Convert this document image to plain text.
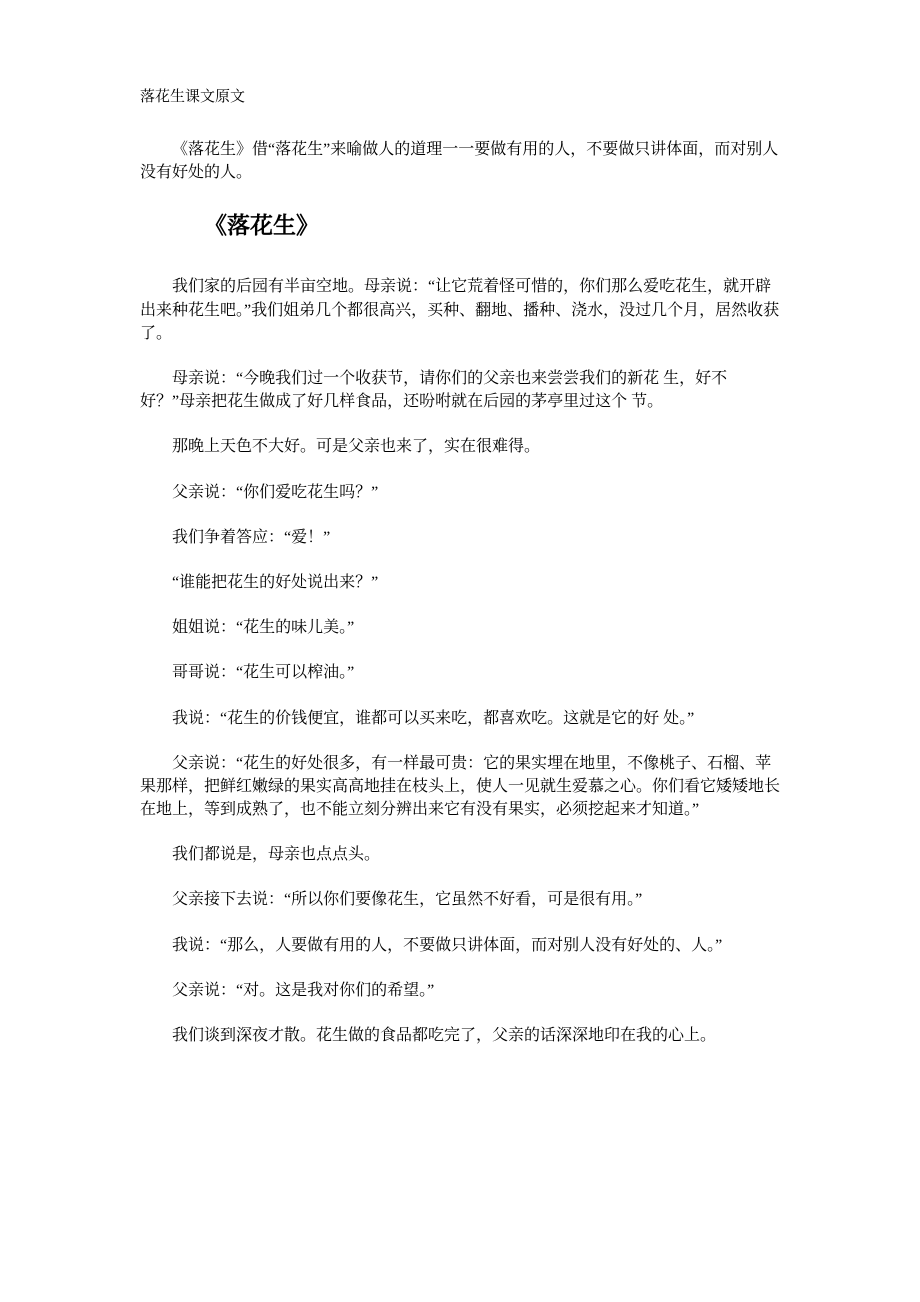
落花生课文原文

《落花生》借“落花生”来喻做人的道理一一要做有用的人，不要做只讲体面，而对别人没有好处的人。

《落花生》

我们家的后园有半亩空地。母亲说：“让它荒着怪可惜的，你们那么爱吃花生，就开辟出来种花生吧。”我们姐弟几个都很高兴，买种、翻地、播种、浇水，没过几个月，居然收获了。

母亲说：“今晚我们过一个收获节，请你们的父亲也来尝尝我们的新花 生，好不好？”母亲把花生做成了好几样食品，还吩咐就在后园的茅亭里过这个 节。

那晚上天色不大好。可是父亲也来了，实在很难得。

父亲说：“你们爱吃花生吗？”

我们争着答应：“爱！”

“谁能把花生的好处说出来？”

姐姐说：“花生的味儿美。”

哥哥说：“花生可以榨油。”

我说：“花生的价钱便宜，谁都可以买来吃，都喜欢吃。这就是它的好 处。”

父亲说：“花生的好处很多，有一样最可贵：它的果实埋在地里，不像桃子、石榴、苹果那样，把鲜红嫩绿的果实高高地挂在枝头上，使人一见就生爱慕之心。你们看它矮矮地长在地上，等到成熟了，也不能立刻分辨出来它有没有果实，必须挖起来才知道。”

我们都说是，母亲也点点头。

父亲接下去说：“所以你们要像花生，它虽然不好看，可是很有用。”

我说：“那么，人要做有用的人，不要做只讲体面，而对别人没有好处的、人。”

父亲说：“对。这是我对你们的希望。”

我们谈到深夜才散。花生做的食品都吃完了，父亲的话深深地印在我的心上。
